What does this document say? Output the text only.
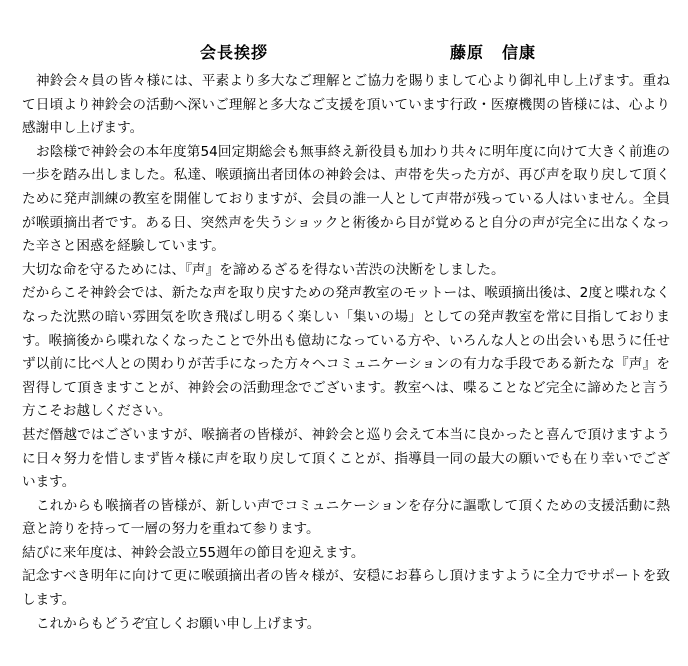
会長挨拶	藤原 信康

神鈴会々員の皆々様には、平素より多大なご理解とご協力を賜りまして心より御礼申し上げます。重ねて日頃より神鈴会の活動へ深いご理解と多大なご支援を頂いています行政・医療機関の皆様には、心より感謝申し上げます。

お陰様で神鈴会の本年度第54回定期総会も無事終え新役員も加わり共々に明年度に向けて大きく前進の一歩を踏み出しました。私達、喉頭摘出者団体の神鈴会は、声帯を失った方が、再び声を取り戻して頂くために発声訓練の教室を開催しておりますが、会員の誰一人として声帯が残っている人はいません。全員が喉頭摘出者です。ある日、突然声を失うショックと術後から目が覚めると自分の声が完全に出なくなった辛さと困惑を経験しています。

大切な命を守るためには、『声』を諦めるざるを得ない苦渋の決断をしました。

だからこそ神鈴会では、新たな声を取り戻すための発声教室のモットーは、喉頭摘出後は、2度と喋れなくなった沈黙の暗い雰囲気を吹き飛ばし明るく楽しい「集いの場」としての発声教室を常に目指しております。喉摘後から喋れなくなったことで外出も億劫になっている方や、いろんな人との出会いも思うに任せず以前に比べ人との関わりが苦手になった方々へコミュニケーションの有力な手段である新たな『声』を習得して頂きますことが、神鈴会の活動理念でございます。教室へは、喋ることなど完全に諦めたと言う方こそお越しください。

甚だ僭越ではございますが、喉摘者の皆様が、神鈴会と巡り会えて本当に良かったと喜んで頂けますように日々努力を惜しまず皆々様に声を取り戻して頂くことが、指導員一同の最大の願いでも在り幸いでございます。

これからも喉摘者の皆様が、新しい声でコミュニケーションを存分に謳歌して頂くための支援活動に熱意と誇りを持って一層の努力を重ねて参ります。

結びに来年度は、神鈴会設立55週年の節目を迎えます。

記念すべき明年に向けて更に喉頭摘出者の皆々様が、安穏にお暮らし頂けますように全力でサポートを致します。

これからもどうぞ宜しくお願い申し上げます。
